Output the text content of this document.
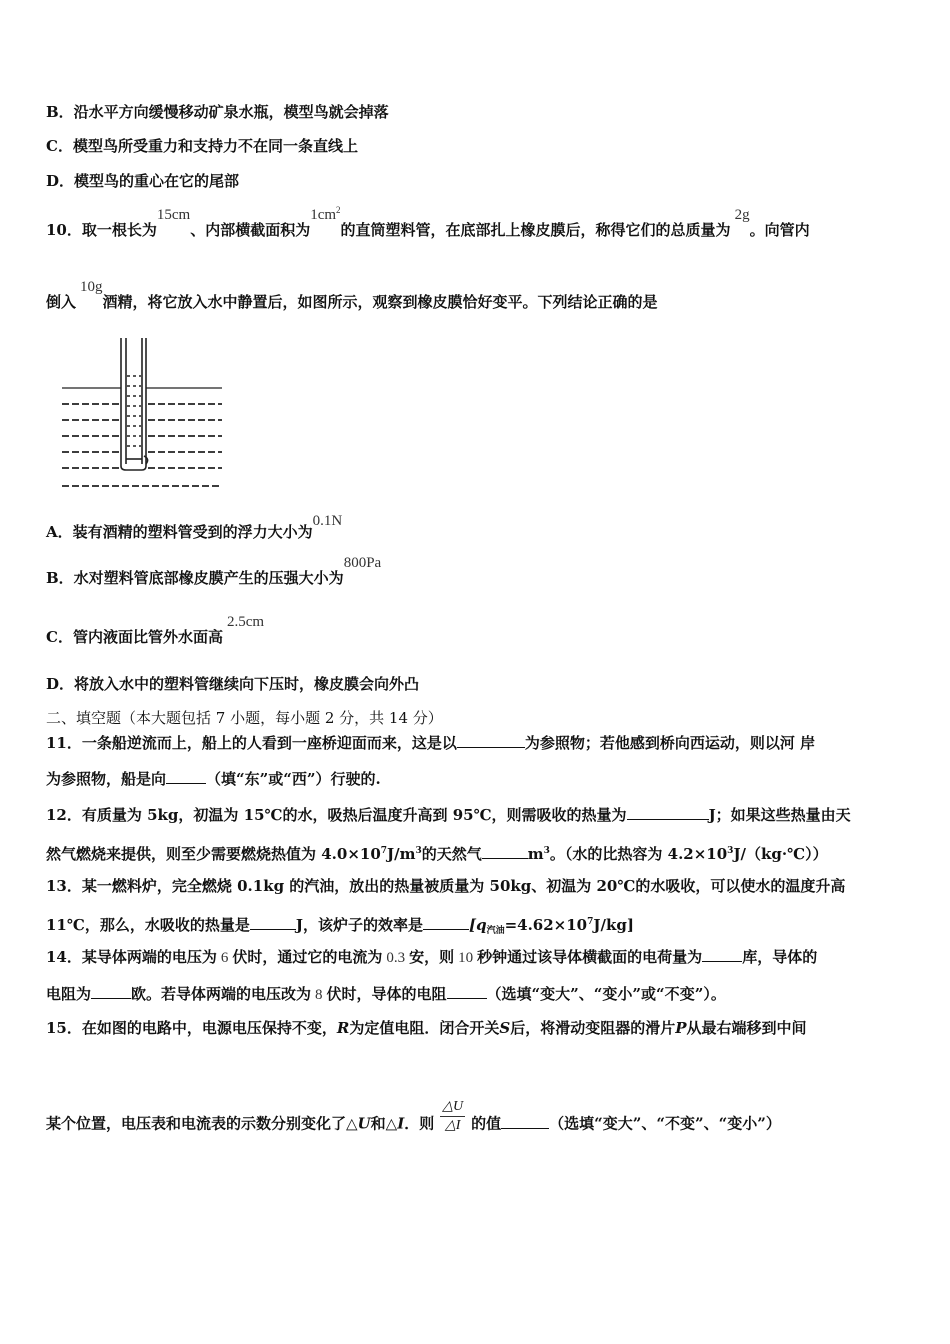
B．沿水平方向缓慢移动矿泉水瓶，模型鸟就会掉落
C．模型鸟所受重力和支持力不在同一条直线上
D．模型鸟的重心在它的尾部
10．取一根长为15cm、内部横截面积为$1cm^2$的直筒塑料管，在底部扎上橡皮膜后，称得它们的总质量为2g。向管内
倒入10g酒精，将它放入水中静置后，如图所示，观察到橡皮膜恰好变平。下列结论正确的是
A．装有酒精的塑料管受到的浮力大小为0.1N
B．水对塑料管底部橡皮膜产生的压强大小为800Pa
C．管内液面比管外水面高2.5cm
D．将放入水中的塑料管继续向下压时，橡皮膜会向外凸
二、填空题（本大题包括 7 小题，每小题 2 分，共 14 分）
11．一条船逆流而上，船上的人看到一座桥迎面而来，这是以	为参照物；若他感到桥向西运动，则以河 岸
为参照物，船是向	（填“东”或“西”）行驶的.
12．有质量为 5kg，初温为 15℃的水，吸热后温度升高到 95℃，则需吸收的热量为	J；如果这些热量由天
然气燃烧来提供，则至少需要燃烧热值为 $4.0\times 10^7J/m^3$的天然气	$m^3$。（水的比热容为 $4.2\times 10^3J/(kg\cdot℃)$）
13．某一燃料炉，完全燃烧 0.1kg 的汽油，放出的热量被质量为 50kg、初温为 20℃的水吸收，可以使水的温度升高
11℃，那么，水吸收的热量是	J，该炉子的效率是	$[q_{汽油}=4.62\times 10^7J/kg]$
14．某导体两端的电压为 6 伏时，通过它的电流为 0.3 安，则 10 秒钟通过该导体横截面的电荷量为	库，导体的
电阻为	欧。若导体两端的电压改为 8 伏时，导体的电阻	（选填“变大”、“变小”或“不变”）。
15．在如图的电路中，电源电压保持不变，R为定值电阻．闭合开关S后，将滑动变阻器的滑片P从最右端移到中间
某个位置，电压表和电流表的示数分别变化了△U和△I．则 $\frac{\triangle U}{\triangle I}$ 的值	（选填“变大”、“不变”、“变小”）
